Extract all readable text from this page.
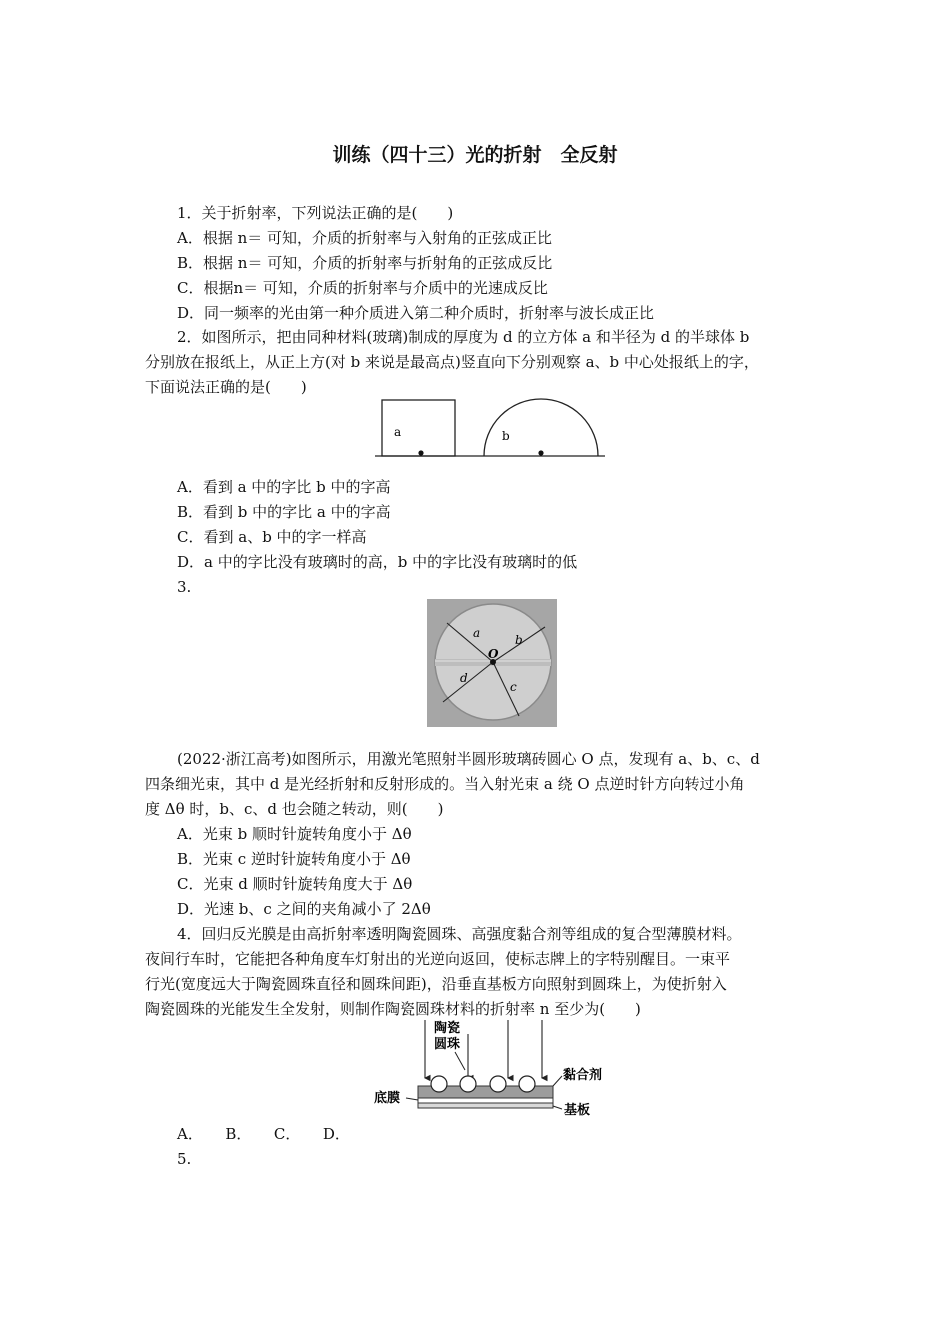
训练（四十三）光的折射　全反射
1．关于折射率，下列说法正确的是(　　)
A．根据 n＝ 可知，介质的折射率与入射角的正弦成正比
B．根据 n＝ 可知，介质的折射率与折射角的正弦成反比
C．根据n＝ 可知，介质的折射率与介质中的光速成反比
D．同一频率的光由第一种介质进入第二种介质时，折射率与波长成正比
2．如图所示，把由同种材料(玻璃)制成的厚度为 d 的立方体 a 和半径为 d 的半球体 b
分别放在报纸上，从正上方(对 b 来说是最高点)竖直向下分别观察 a、b 中心处报纸上的字，
下面说法正确的是(　　)
a	b
A．看到 a 中的字比 b 中的字高
B．看到 b 中的字比 a 中的字高
C．看到 a、b 中的字一样高
D．a 中的字比没有玻璃时的高，b 中的字比没有玻璃时的低
3.
a	b
c
d
O
(2022·浙江高考)如图所示，用激光笔照射半圆形玻璃砖圆心 O 点，发现有 a、b、c、d
四条细光束，其中 d 是光经折射和反射形成的。当入射光束 a 绕 O 点逆时针方向转过小角
度 Δθ 时，b、c、d 也会随之转动，则(　　)
A．光束 b 顺时针旋转角度小于 Δθ
B．光束 c 逆时针旋转角度小于 Δθ
C．光束 d 顺时针旋转角度大于 Δθ
D．光速 b、c 之间的夹角减小了 2Δθ
4．回归反光膜是由高折射率透明陶瓷圆珠、高强度黏合剂等组成的复合型薄膜材料。
夜间行车时，它能把各种角度车灯射出的光逆向返回，使标志牌上的字特别醒目。一束平
行光(宽度远大于陶瓷圆珠直径和圆珠间距)，沿垂直基板方向照射到圆珠上，为使折射入
陶瓷圆珠的光能发生全发射，则制作陶瓷圆珠材料的折射率 n 至少为(　　)
陶瓷
圆珠
黏合剂
底膜
基板
A．　　B．　　C．　　D．
5.
